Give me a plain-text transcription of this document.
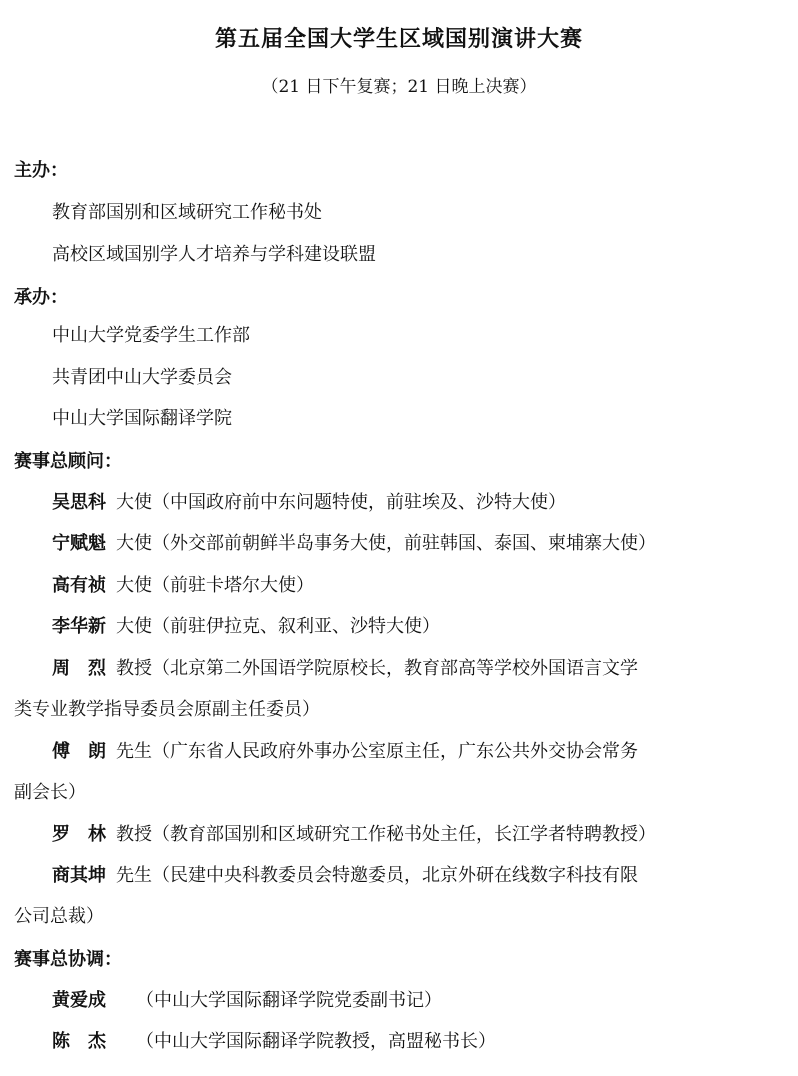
第五届全国大学生区域国别演讲大赛
（21 日下午复赛；21 日晚上决赛）
主办：
教育部国别和区域研究工作秘书处
高校区域国别学人才培养与学科建设联盟
承办：
中山大学党委学生工作部
共青团中山大学委员会
中山大学国际翻译学院
赛事总顾问：
吴思科 大使（中国政府前中东问题特使，前驻埃及、沙特大使）
宁赋魁 大使（外交部前朝鲜半岛事务大使，前驻韩国、泰国、柬埔寨大使）
高有祯 大使（前驻卡塔尔大使）
李华新 大使（前驻伊拉克、叙利亚、沙特大使）
周　烈 教授（北京第二外国语学院原校长，教育部高等学校外国语言文学
类专业教学指导委员会原副主任委员）
傅　朗 先生（广东省人民政府外事办公室原主任，广东公共外交协会常务
副会长）
罗　林 教授（教育部国别和区域研究工作秘书处主任，长江学者特聘教授）
商其坤 先生（民建中央科教委员会特邀委员，北京外研在线数字科技有限
公司总裁）
赛事总协调：
黄爱成 （中山大学国际翻译学院党委副书记）
陈　杰 （中山大学国际翻译学院教授，高盟秘书长）
